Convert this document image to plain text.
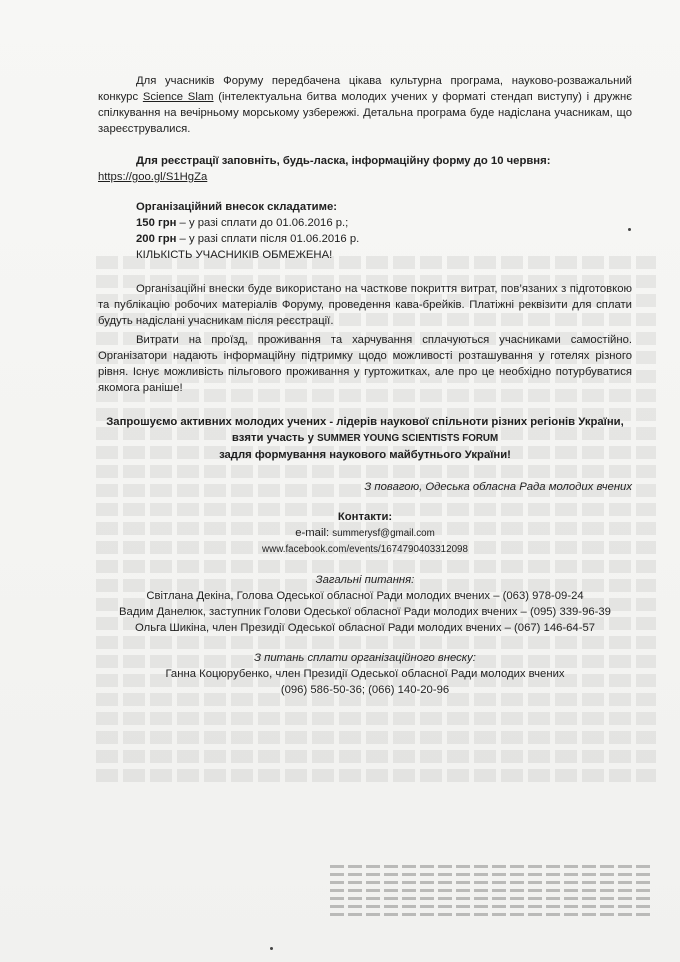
Для учасників Форуму передбачена цікава культурна програма, науково-розважальний конкурс Science Slam (інтелектуальна битва молодих учених у форматі стендап виступу) і дружнє спілкування на вечірньому морському узбережжі. Детальна програма буде надіслана учасникам, що зареєструвалися.

Для реєстрації заповніть, будь-ласка, інформаційну форму до 10 червня:

https://goo.gl/S1HgZa

Організаційний внесок складатиме:

150 грн – у разі сплати до 01.06.2016 р.;

200 грн – у разі сплати після 01.06.2016 р.

КІЛЬКІСТЬ УЧАСНИКІВ ОБМЕЖЕНА!

Організаційні внески буде використано на часткове покриття витрат, пов’язаних з підготовкою та публікацію робочих матеріалів Форуму, проведення кава-брейків. Платіжні реквізити для сплати будуть надіслані учасникам після реєстрації.

Витрати на проїзд, проживання та харчування сплачуються учасниками самостійно. Організатори надають інформаційну підтримку щодо можливості розташування у готелях різного рівня. Існує можливість пільгового проживання у гуртожитках, але про це необхідно потурбуватися якомога раніше!

Запрошуємо активних молодих учених - лідерів наукової спільноти різних регіонів України,

взяти участь у SUMMER YOUNG SCIENTISTS FORUM

задля формування наукового майбутнього України!

З повагою, Одеська обласна Рада молодих вчених

Контакти:

e-mail: summerysf@gmail.com

www.facebook.com/events/1674790403312098

Загальні питання:

Світлана Декіна, Голова Одеської обласної Ради молодих вчених – (063) 978-09-24

Вадим Данелюк, заступник Голови Одеської обласної Ради молодих вчених – (095) 339-96-39

Ольга Шикіна, член Президії Одеської обласної Ради молодих вчених – (067) 146-64-57

З питань сплати організаційного внеску:

Ганна Коцюрубенко, член Президії Одеської обласної Ради молодих вчених

(096) 586-50-36; (066) 140-20-96
